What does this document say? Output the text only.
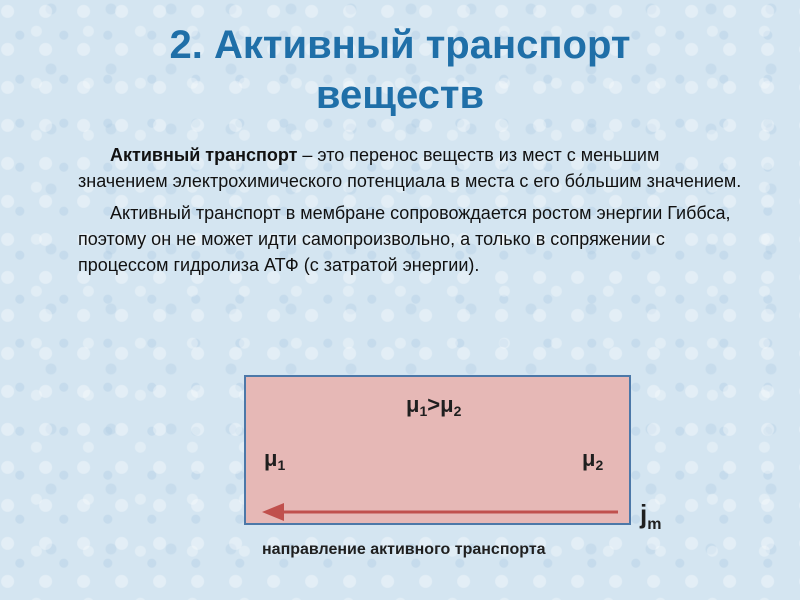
2. Активный транспорт
веществ

Активный транспорт – это перенос веществ из мест с меньшим значением электрохимического потенциала в места с его бо́льшим значением.

Активный транспорт в мембране сопровождается ростом энергии Гиббса, поэтому он не может идти самопроизвольно, а только в сопряжении с процессом гидролиза АТФ (с затратой энергии).

$\mu_1>\mu_2$
$\mu_1$	$\mu_2$
$j_m$
направление активного транспорта
